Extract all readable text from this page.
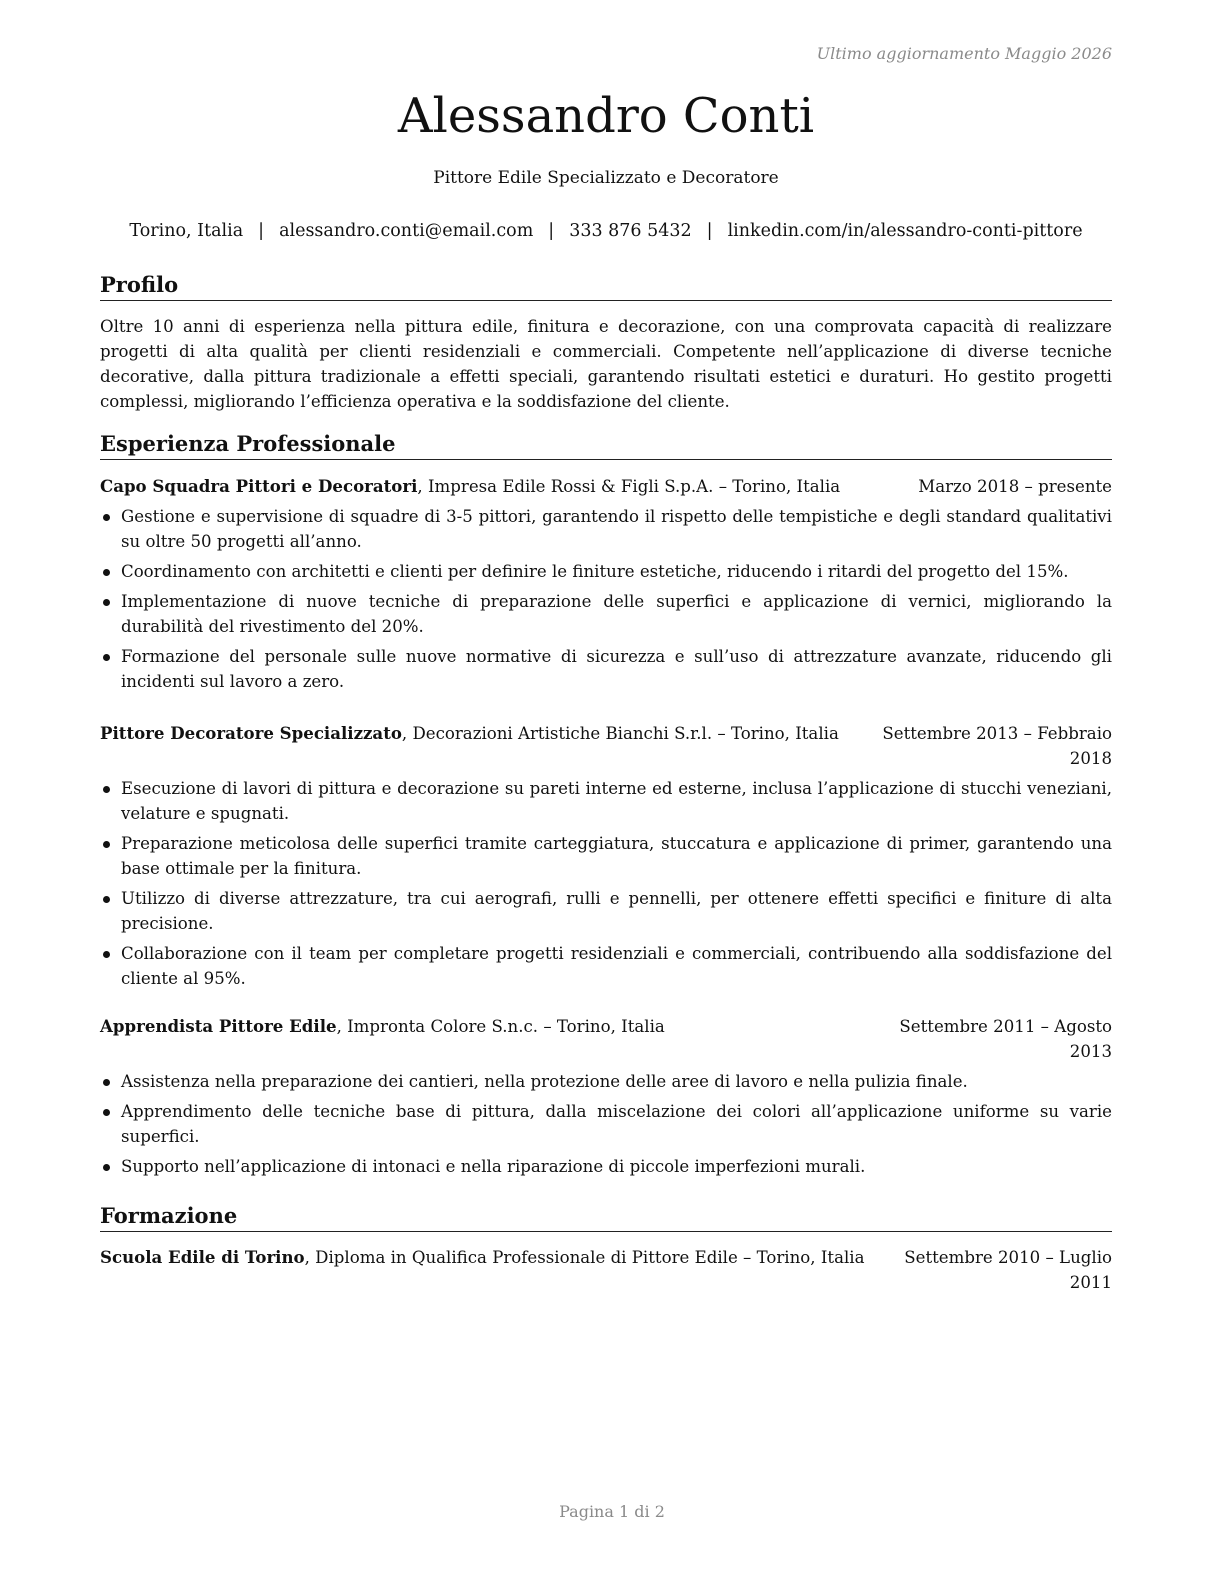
Ultimo aggiornamento Maggio 2026
Alessandro Conti
Pittore Edile Specializzato e Decoratore
Torino, Italia | alessandro.conti@email.com | 333 876 5432 | linkedin.com/in/alessandro-conti-pittore
Profilo
Oltre 10 anni di esperienza nella pittura edile, finitura e decorazione, con una comprovata capacità di realizzare progetti di alta qualità per clienti residenziali e commerciali. Competente nell’applicazione di diverse tecniche decorative, dalla pittura tradizionale a effetti speciali, garantendo risultati estetici e duraturi. Ho gestito progetti complessi, migliorando l’efficienza operativa e la soddisfazione del cliente.
Esperienza Professionale
Capo Squadra Pittori e Decoratori, Impresa Edile Rossi & Figli S.p.A. – Torino, Italia	Marzo 2018 – presente
Gestione e supervisione di squadre di 3-5 pittori, garantendo il rispetto delle tempistiche e degli standard qualitativi su oltre 50 progetti all’anno.
Coordinamento con architetti e clienti per definire le finiture estetiche, riducendo i ritardi del progetto del 15%.
Implementazione di nuove tecniche di preparazione delle superfici e applicazione di vernici, migliorando la durabilità del rivestimento del 20%.
Formazione del personale sulle nuove normative di sicurezza e sull’uso di attrezzature avanzate, riducendo gli incidenti sul lavoro a zero.
Pittore Decoratore Specializzato, Decorazioni Artistiche Bianchi S.r.l. – Torino, Italia	Settembre 2013 – Febbraio 2018
Esecuzione di lavori di pittura e decorazione su pareti interne ed esterne, inclusa l’applicazione di stucchi veneziani, velature e spugnati.
Preparazione meticolosa delle superfici tramite carteggiatura, stuccatura e applicazione di primer, garantendo una base ottimale per la finitura.
Utilizzo di diverse attrezzature, tra cui aerografi, rulli e pennelli, per ottenere effetti specifici e finiture di alta precisione.
Collaborazione con il team per completare progetti residenziali e commerciali, contribuendo alla soddisfazione del cliente al 95%.
Apprendista Pittore Edile, Impronta Colore S.n.c. – Torino, Italia	Settembre 2011 – Agosto 2013
Assistenza nella preparazione dei cantieri, nella protezione delle aree di lavoro e nella pulizia finale.
Apprendimento delle tecniche base di pittura, dalla miscelazione dei colori all’applicazione uniforme su varie superfici.
Supporto nell’applicazione di intonaci e nella riparazione di piccole imperfezioni murali.
Formazione
Scuola Edile di Torino, Diploma in Qualifica Professionale di Pittore Edile – Torino, Italia	Settembre 2010 – Luglio 2011
Pagina 1 di 2
